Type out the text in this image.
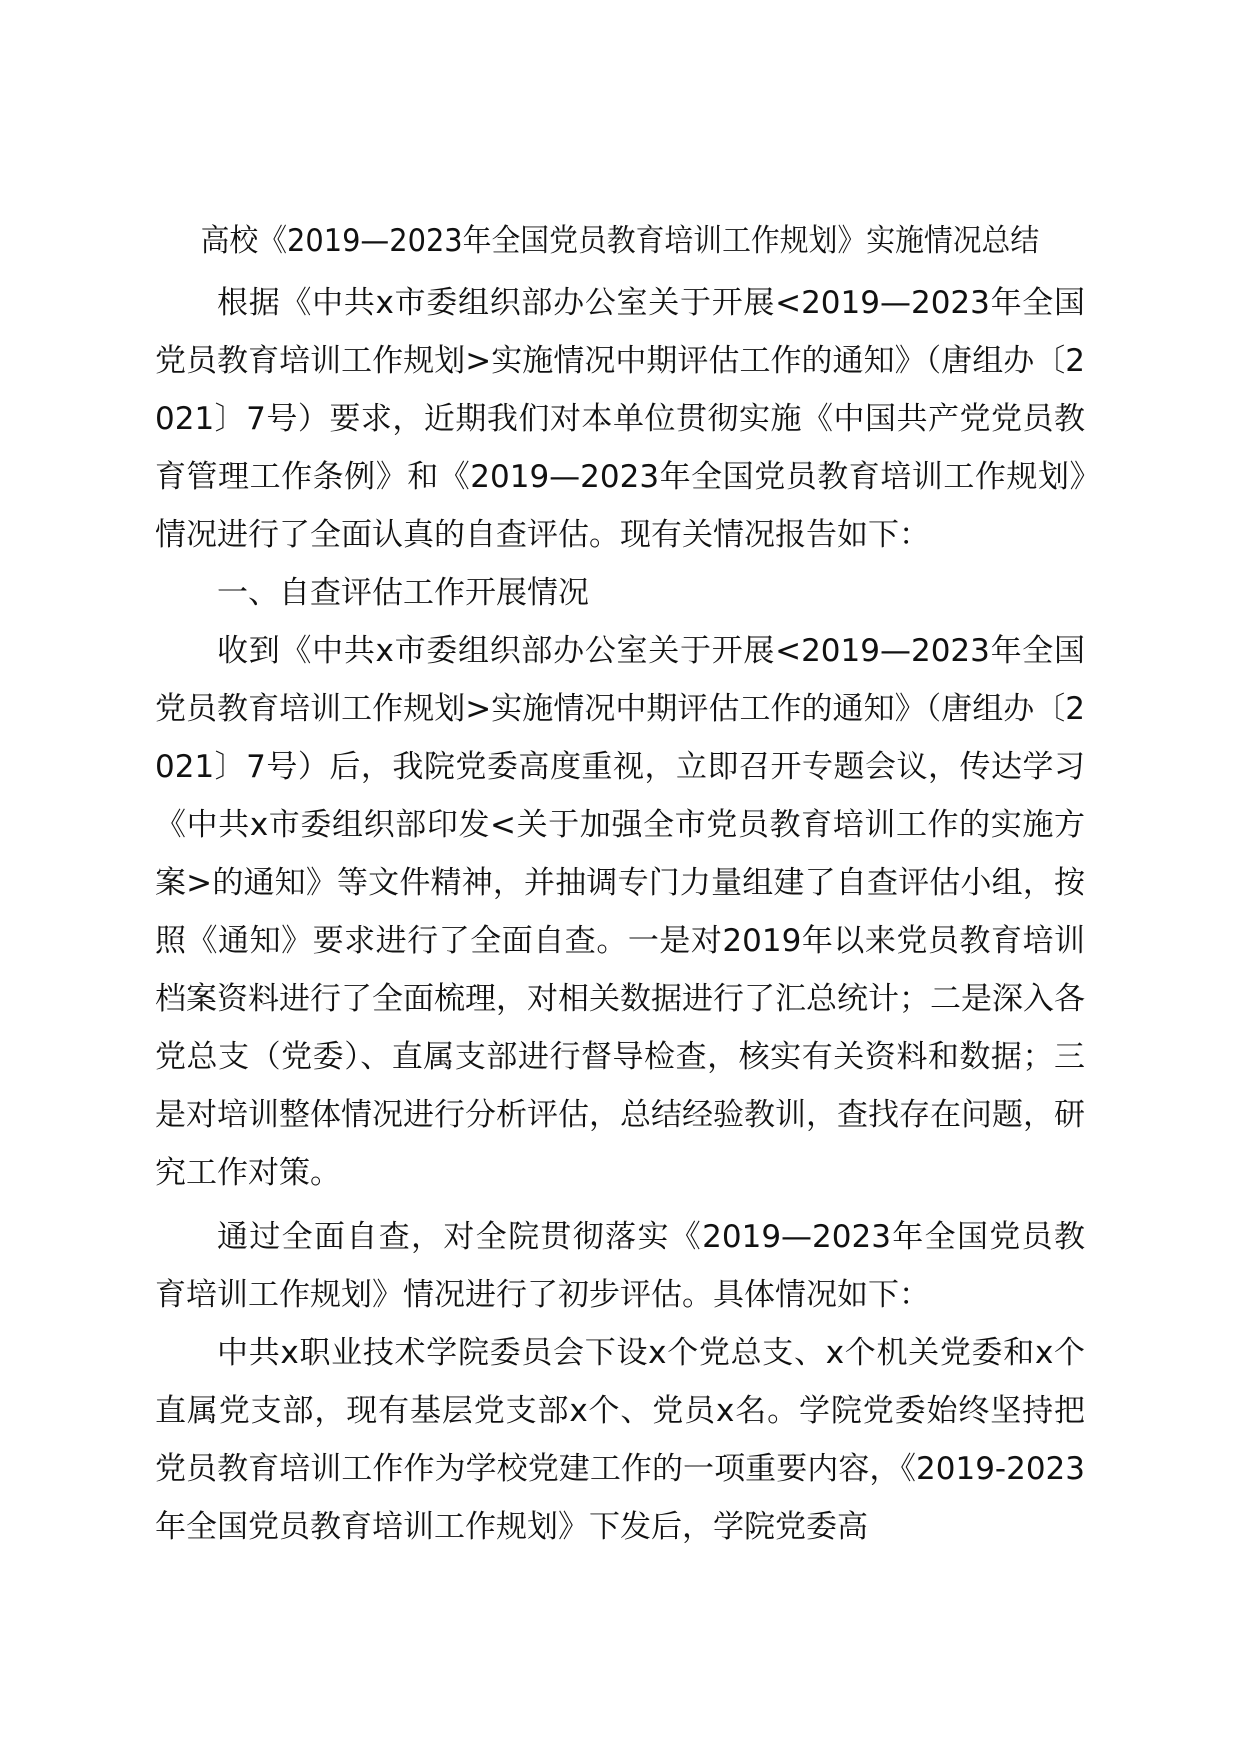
高校《2019—2023年全国党员教育培训工作规划》实施情况总结

根据《中共x市委组织部办公室关于开展<2019—2023年全国党员教育培训工作规划>实施情况中期评估工作的通知》（唐组办〔2021〕7号）要求，近期我们对本单位贯彻实施《中国共产党党员教育管理工作条例》和《2019—2023年全国党员教育培训工作规划》情况进行了全面认真的自查评估。现有关情况报告如下：

一、自查评估工作开展情况

收到《中共x市委组织部办公室关于开展<2019—2023年全国党员教育培训工作规划>实施情况中期评估工作的通知》（唐组办〔2021〕7号）后，我院党委高度重视，立即召开专题会议，传达学习《中共x市委组织部印发<关于加强全市党员教育培训工作的实施方案>的通知》等文件精神，并抽调专门力量组建了自查评估小组，按照《通知》要求进行了全面自查。一是对2019年以来党员教育培训档案资料进行了全面梳理，对相关数据进行了汇总统计；二是深入各党总支（党委）、直属支部进行督导检查，核实有关资料和数据；三是对培训整体情况进行分析评估，总结经验教训，查找存在问题，研究工作对策。

通过全面自查，对全院贯彻落实《2019—2023年全国党员教育培训工作规划》情况进行了初步评估。具体情况如下：

中共x职业技术学院委员会下设x个党总支、x个机关党委和x个直属党支部，现有基层党支部x个、党员x名。学院党委始终坚持把党员教育培训工作作为学校党建工作的一项重要内容，《2019-2023年全国党员教育培训工作规划》下发后，学院党委高
